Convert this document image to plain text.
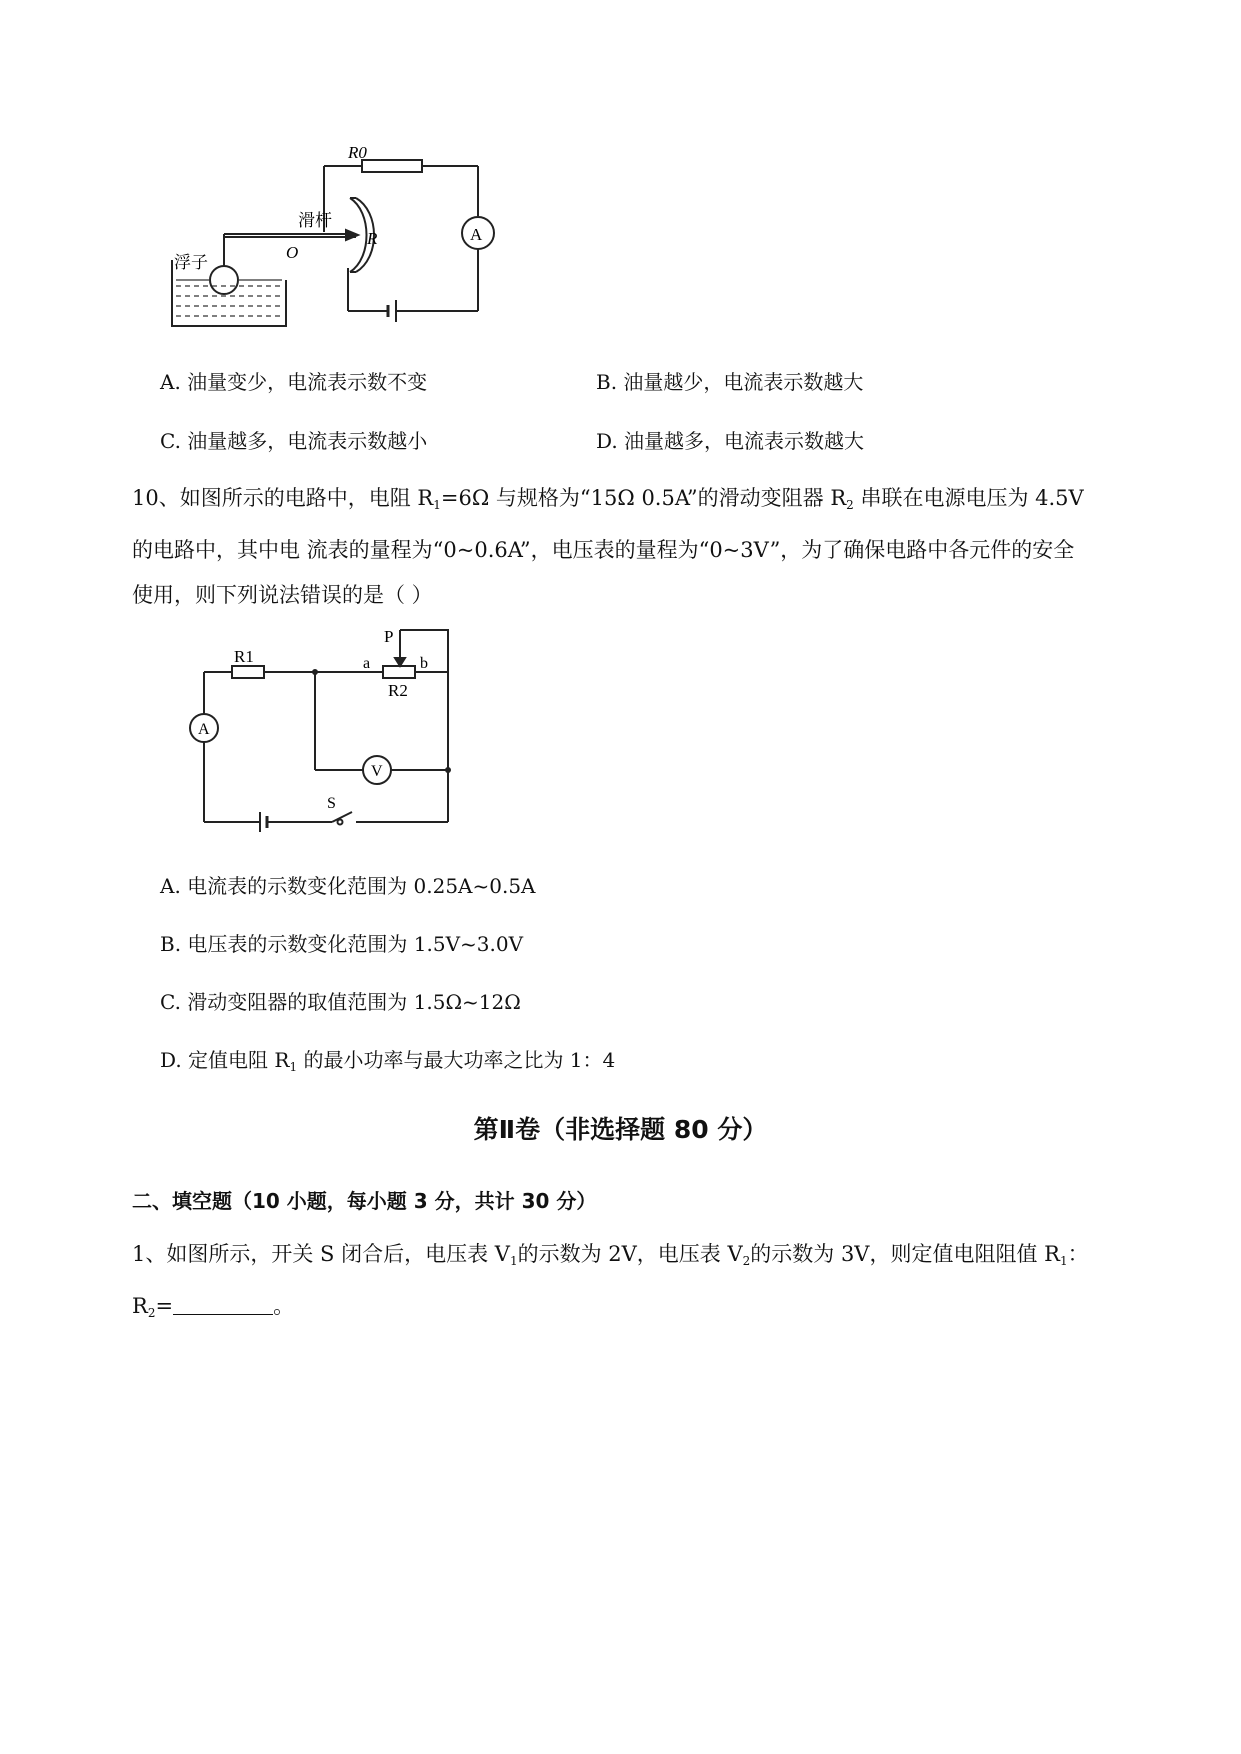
R0
滑杆
O
R	A
浮子
A. 油量变少，电流表示数不变	B. 油量越少，电流表示数越大
C. 油量越多，电流表示数越小	D. 油量越多，电流表示数越大
10、如图所示的电路中，电阻 $R_1=6\Omega$ 与规格为“15Ω 0.5A”的滑动变阻器 $R_2$ 串联在电源电压为 4.5V
的电路中，其中电 流表的量程为“0~0.6A”，电压表的量程为“0~3V”，为了确保电路中各元件的安全
使用，则下列说法错误的是（ ）
R1
P
a	b
R2
A
V
S
A. 电流表的示数变化范围为 0.25A~0.5A
B. 电压表的示数变化范围为 1.5V~3.0V
C. 滑动变阻器的取值范围为 1.5Ω~12Ω
D. 定值电阻 $R_1$ 的最小功率与最大功率之比为 1：4
第Ⅱ卷（非选择题 80 分）
二、填空题（10 小题，每小题 3 分，共计 30 分）
1、如图所示，开关 S 闭合后，电压表 $V_1$的示数为 2V，电压表 $V_2$的示数为 3V，则定值电阻阻值 $R_1$：
$R_2=$	。
